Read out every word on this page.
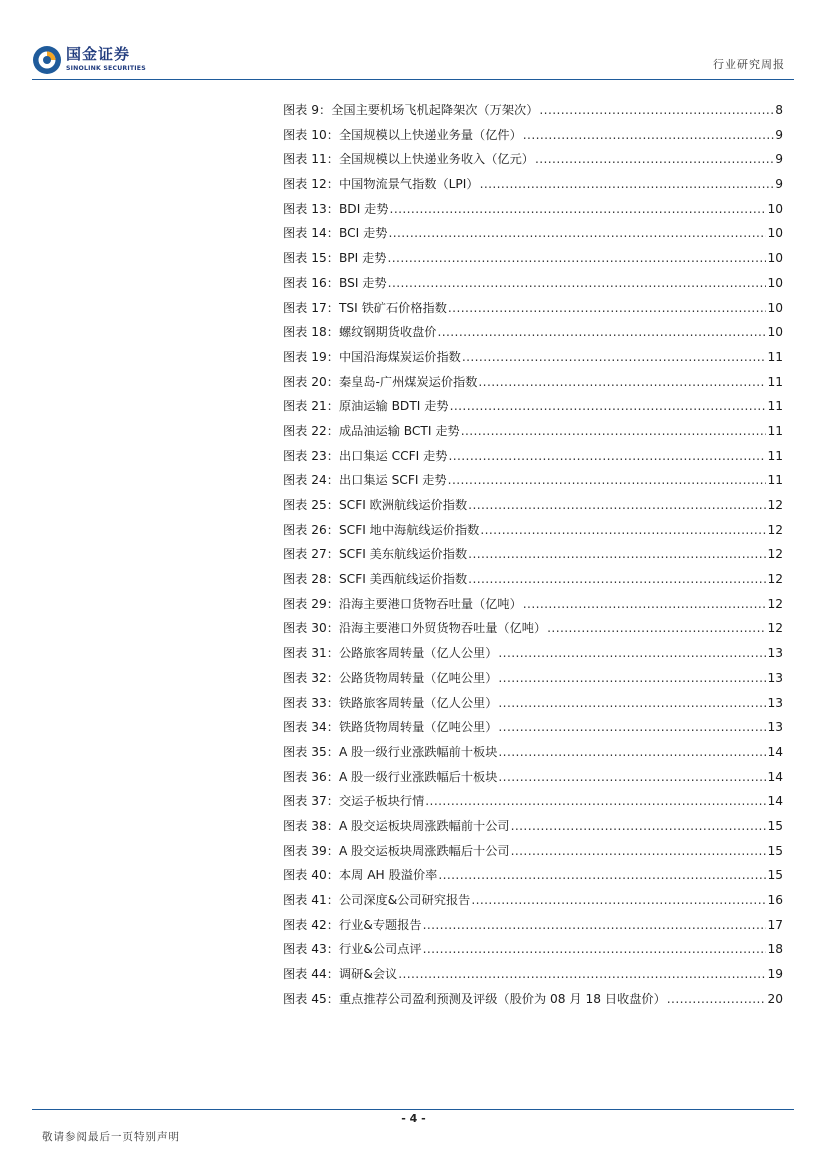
国金证券
SINOLINK SECURITIES	行业研究周报
图表 9：全国主要机场飞机起降架次（万架次） .....	8
图表 10：全国规模以上快递业务量（亿件） .....	9
图表 11：全国规模以上快递业务收入（亿元） .....	9
图表 12：中国物流景气指数（LPI） .....	9
图表 13：BDI 走势 .....	10
图表 14：BCI 走势 .....	10
图表 15：BPI 走势 .....	10
图表 16：BSI 走势 .....	10
图表 17：TSI 铁矿石价格指数 .....	10
图表 18：螺纹钢期货收盘价 .....	10
图表 19：中国沿海煤炭运价指数 .....	11
图表 20：秦皇岛-广州煤炭运价指数 .....	11
图表 21：原油运输 BDTI 走势 .....	11
图表 22：成品油运输 BCTI 走势 .....	11
图表 23：出口集运 CCFI 走势 .....	11
图表 24：出口集运 SCFI 走势 .....	11
图表 25：SCFI 欧洲航线运价指数 .....	12
图表 26：SCFI 地中海航线运价指数 .....	12
图表 27：SCFI 美东航线运价指数 .....	12
图表 28：SCFI 美西航线运价指数 .....	12
图表 29：沿海主要港口货物吞吐量（亿吨） .....	12
图表 30：沿海主要港口外贸货物吞吐量（亿吨） .....	12
图表 31：公路旅客周转量（亿人公里） .....	13
图表 32：公路货物周转量（亿吨公里） .....	13
图表 33：铁路旅客周转量（亿人公里） .....	13
图表 34：铁路货物周转量（亿吨公里） .....	13
图表 35：A 股一级行业涨跌幅前十板块 .....	14
图表 36：A 股一级行业涨跌幅后十板块 .....	14
图表 37：交运子板块行情 .....	14
图表 38：A 股交运板块周涨跌幅前十公司 .....	15
图表 39：A 股交运板块周涨跌幅后十公司 .....	15
图表 40：本周 AH 股溢价率 .....	15
图表 41：公司深度&公司研究报告 .....	16
图表 42：行业&专题报告 .....	17
图表 43：行业&公司点评 .....	18
图表 44：调研&会议 .....	19
图表 45：重点推荐公司盈利预测及评级（股价为 08 月 18 日收盘价） .....	20
- 4 -
敬请参阅最后一页特别声明
